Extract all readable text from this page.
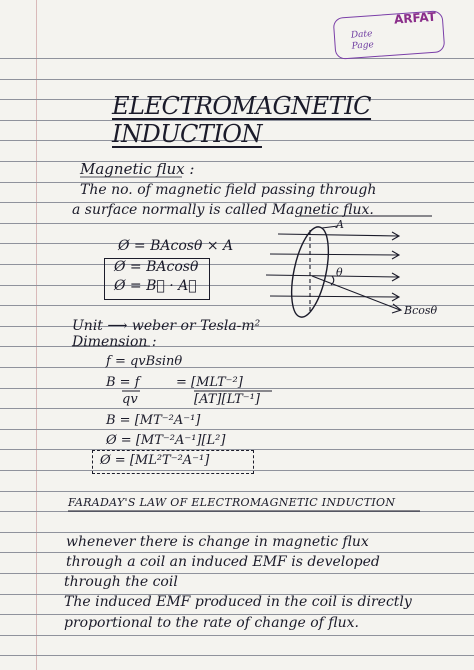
ARFAT
Date
Page
ELECTROMAGNETIC INDUCTION
Magnetic flux :
The no. of magnetic field passing through
a surface normally is called Magnetic flux.
Ø = BAcosθ × A
Ø = BAcosθ
Ø = B⃗ · A⃗
A
θ
Bcosθ
Unit ⟶ weber or Tesla-m²
Dimension :
f = qvBsinθ
B = f	= [MLT⁻²]
qv	[AT][LT⁻¹]
B = [MT⁻²A⁻¹]
Ø = [MT⁻²A⁻¹][L²]
Ø = [ML²T⁻²A⁻¹]
FARADAY'S LAW OF ELECTROMAGNETIC INDUCTION
whenever there is change in magnetic flux
through a coil an induced EMF is developed
through the coil
The induced EMF produced in the coil is directly
proportional to the rate of change of flux.
